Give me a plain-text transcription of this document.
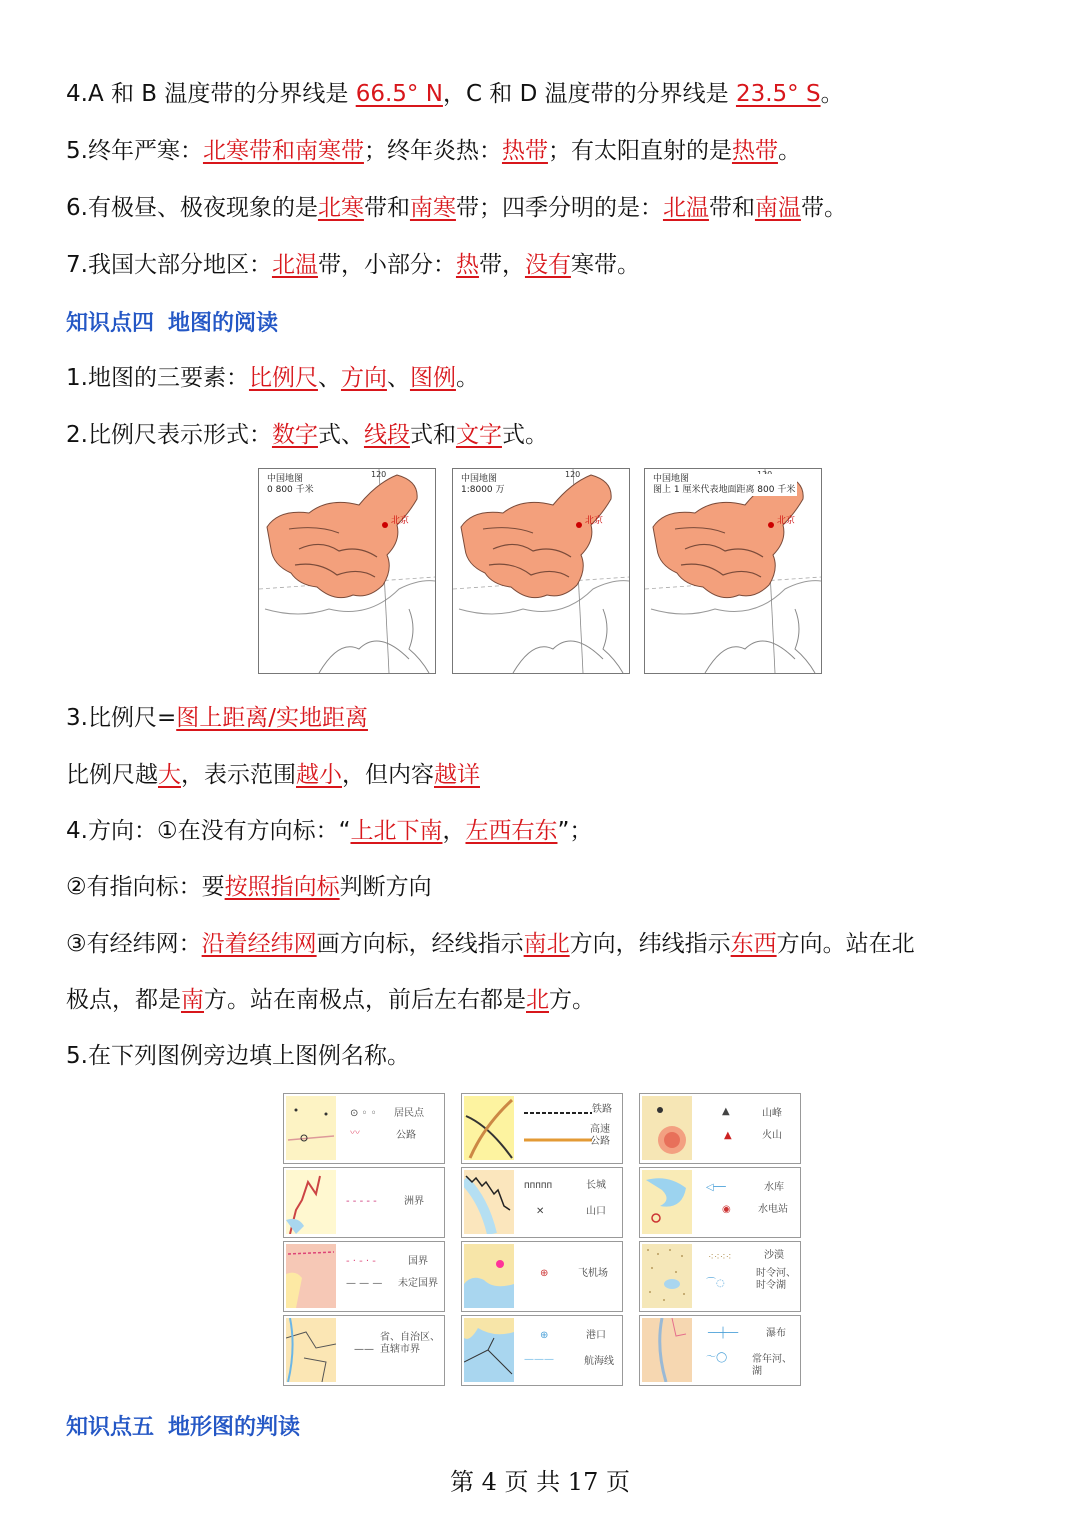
4.A 和 B 温度带的分界线是 66.5° N，C 和 D 温度带的分界线是 23.5° S。
5.终年严寒：北寒带和南寒带；终年炎热：热带；有太阳直射的是热带。
6.有极昼、极夜现象的是北寒带和南寒带；四季分明的是：北温带和南温带。
7.我国大部分地区：北温带，小部分：热带，没有寒带。
知识点四 地图的阅读
1.地图的三要素：比例尺、方向、图例。
2.比例尺表示形式：数字式、线段式和文字式。
北京
120
中国地图
0 800 千米
北京
120
中国地图
1:8000 万
北京
中国地图
图上 1 厘米代表地面距离 800 千米
3.比例尺=图上距离/实地距离
比例尺越大，表示范围越小，但内容越详
4.方向：①在没有方向标：“上北下南，左西右东”；
②有指向标：要按照指向标判断方向
③有经纬网：沿着经纬网画方向标，经线指示南北方向，纬线指示东西方向。站在北
极点，都是南方。站在南极点，前后左右都是北方。
5.在下列图例旁边填上图例名称。
⊙ ◦ ◦
〰
居民点
公路
铁路
高速公路
▲
▲
山峰
火山
- - - - -	洲界
ᴨᴨᴨᴨᴨ
✕
长城
山口
◁──
◉
水库
水电站
- · - · -
— — —
国界
未定国界
⊕	飞机场
⁖⁖⁖⁖
⌒◌
沙漠
时令河、时令湖
——
省、自治区、直辖市界
⊕
———
港口
航海线
──┼──
〜◯
瀑布
常年河、湖
知识点五 地形图的判读
第 4 页 共 17 页
